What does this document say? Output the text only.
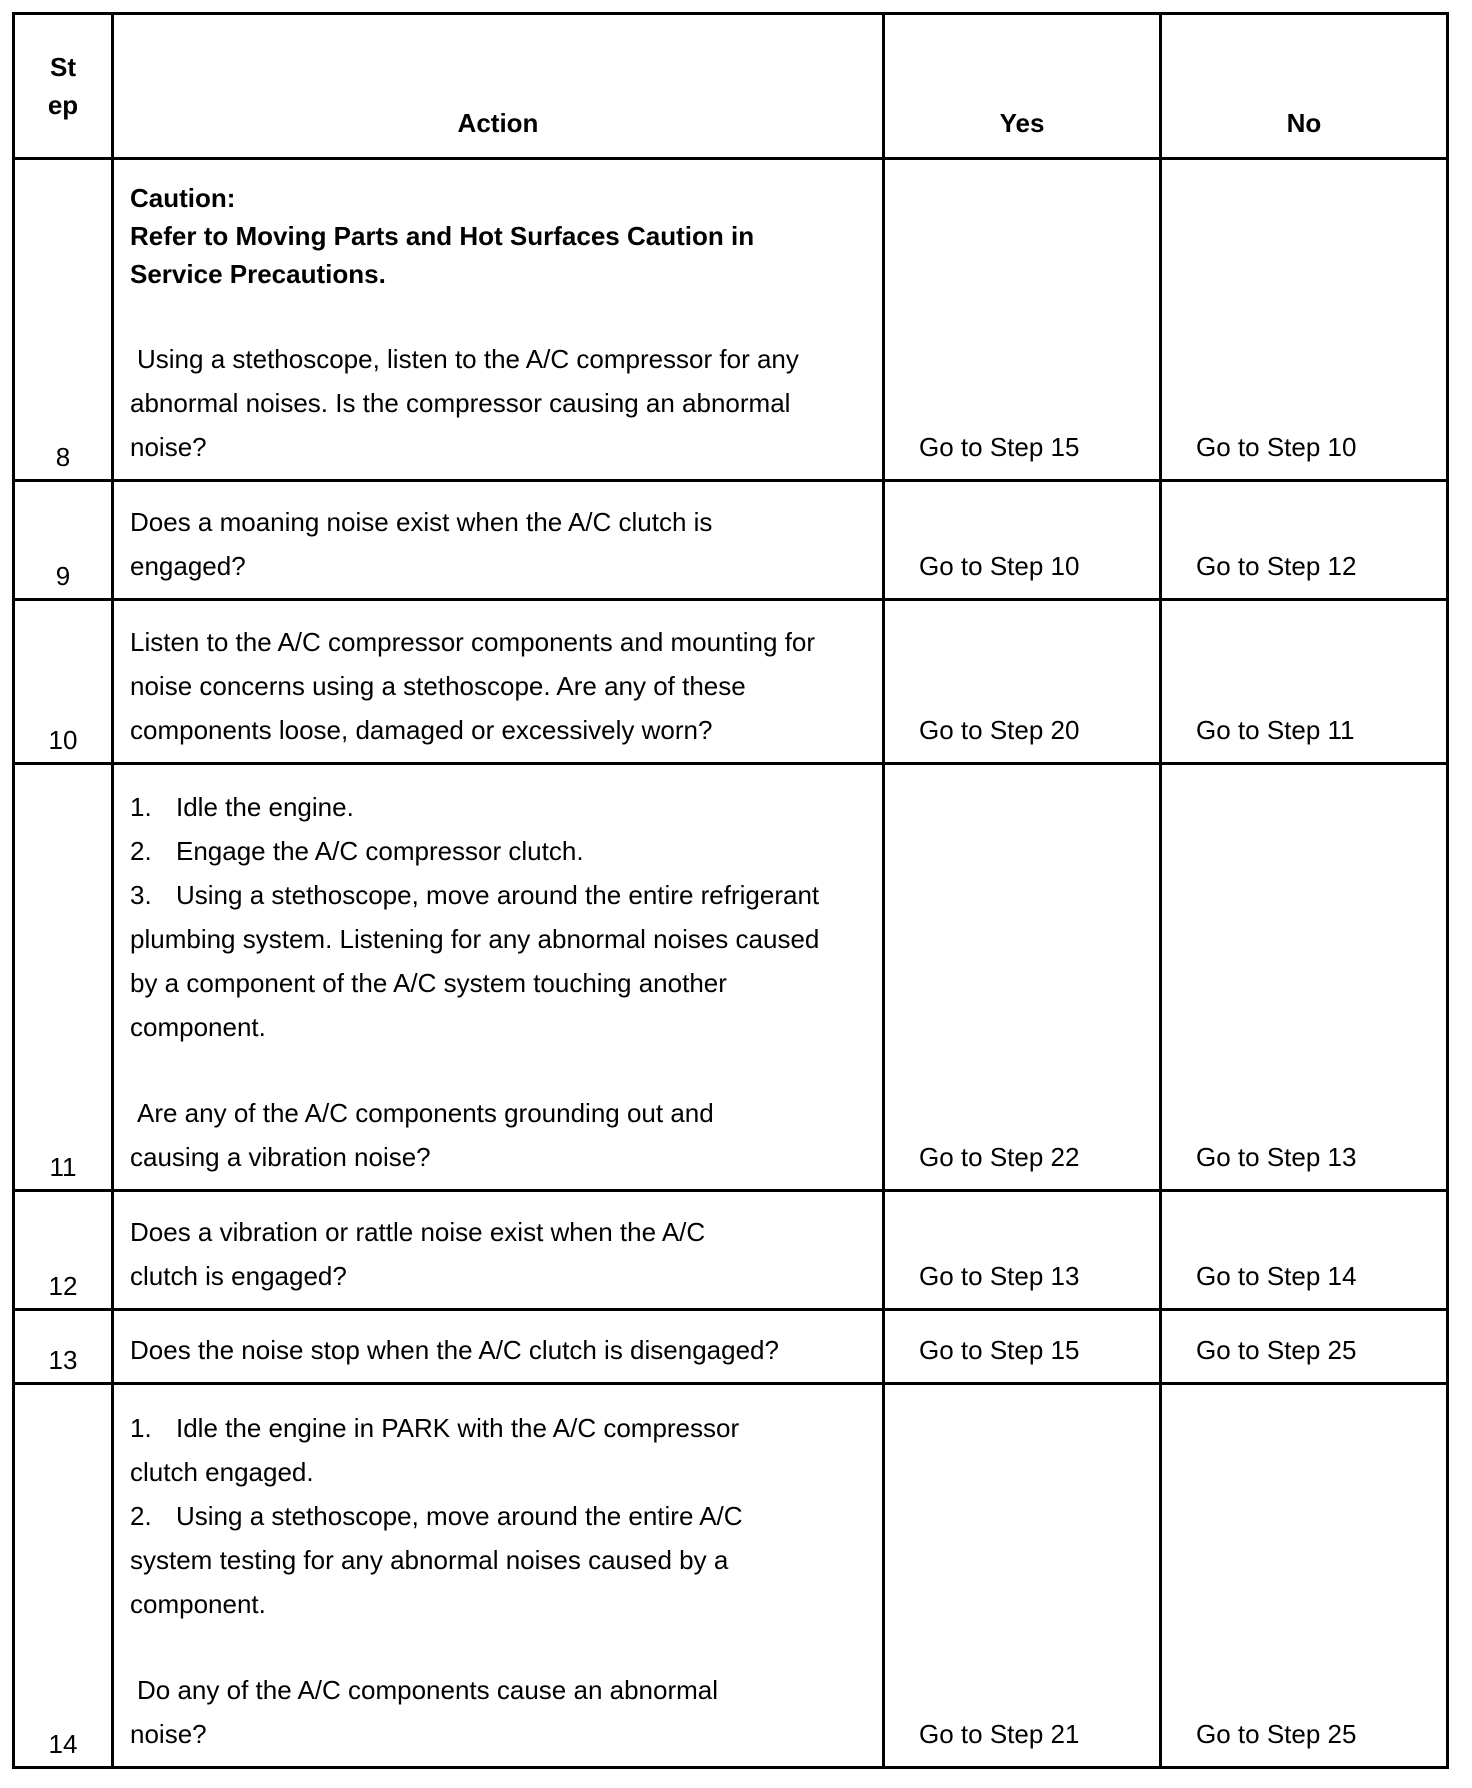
St
ep	Action	Yes	No
8	Caution:
Refer to Moving Parts and Hot Surfaces Caution in Service Precautions.

Using a stethoscope, listen to the A/C compressor for any abnormal noises. Is the compressor causing an abnormal noise?	Go to Step 15	Go to Step 10
9	Does a moaning noise exist when the A/C clutch is engaged?	Go to Step 10	Go to Step 12
10	Listen to the A/C compressor components and mounting for noise concerns using a stethoscope. Are any of these components loose, damaged or excessively worn?	Go to Step 20	Go to Step 11
11	1. Idle the engine.
2. Engage the A/C compressor clutch.
3. Using a stethoscope, move around the entire refrigerant plumbing system. Listening for any abnormal noises caused by a component of the A/C system touching another component.

Are any of the A/C components grounding out and causing a vibration noise?	Go to Step 22	Go to Step 13
12	Does a vibration or rattle noise exist when the A/C clutch is engaged?	Go to Step 13	Go to Step 14
13	Does the noise stop when the A/C clutch is disengaged?	Go to Step 15	Go to Step 25
14	1. Idle the engine in PARK with the A/C compressor clutch engaged.
2. Using a stethoscope, move around the entire A/C system testing for any abnormal noises caused by a component.

Do any of the A/C components cause an abnormal noise?	Go to Step 21	Go to Step 25
